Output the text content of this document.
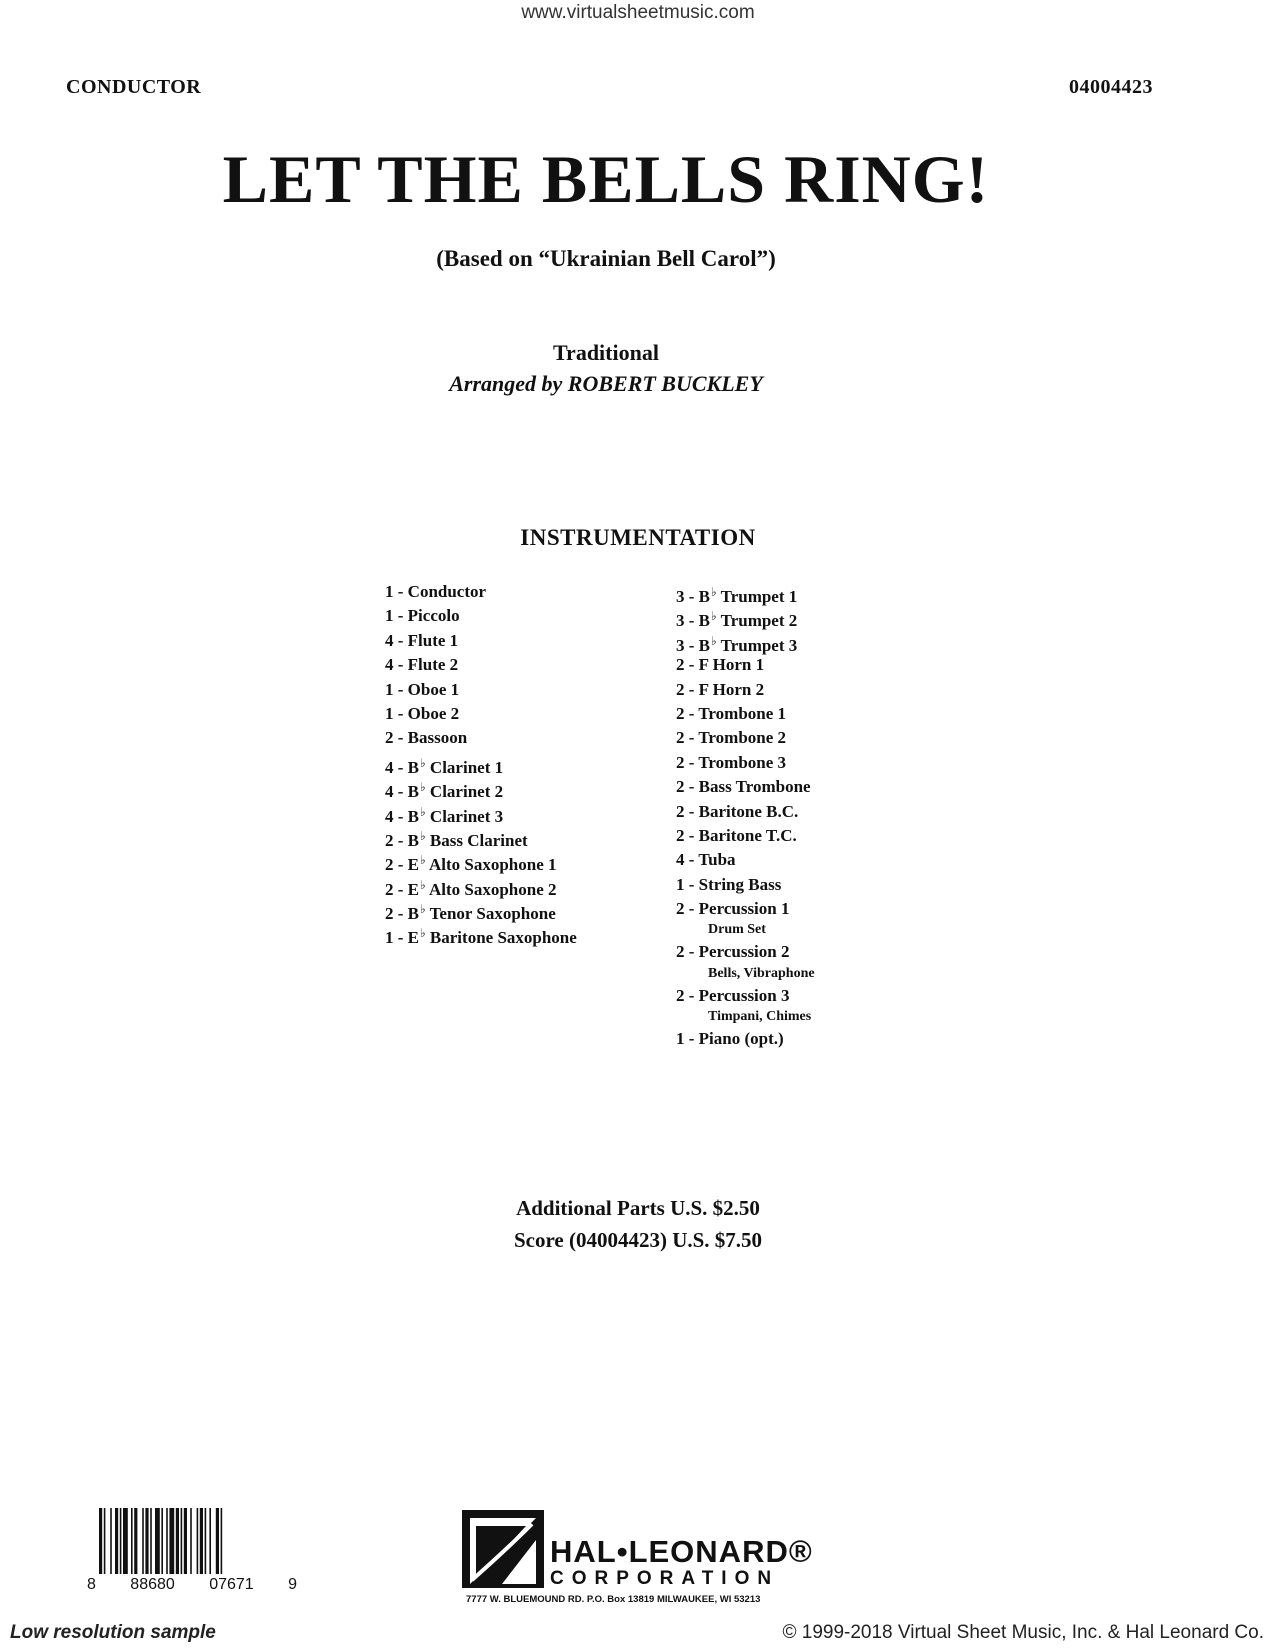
www.virtualsheetmusic.com
CONDUCTOR	04004423
LET THE BELLS RING!
(Based on “Ukrainian Bell Carol”)
Traditional
Arranged by ROBERT BUCKLEY
INSTRUMENTATION
1 - Conductor
1 - Piccolo
4 - Flute 1
4 - Flute 2
1 - Oboe 1
1 - Oboe 2
2 - Bassoon
4 - B♭ Clarinet 1
4 - B♭ Clarinet 2
4 - B♭ Clarinet 3
2 - B♭ Bass Clarinet
2 - E♭ Alto Saxophone 1
2 - E♭ Alto Saxophone 2
2 - B♭ Tenor Saxophone
1 - E♭ Baritone Saxophone
3 - B♭ Trumpet 1
3 - B♭ Trumpet 2
3 - B♭ Trumpet 3
2 - F Horn 1
2 - F Horn 2
2 - Trombone 1
2 - Trombone 2
2 - Trombone 3
2 - Bass Trombone
2 - Baritone B.C.
2 - Baritone T.C.
4 - Tuba
1 - String Bass
2 - Percussion 1
Drum Set
2 - Percussion 2
Bells, Vibraphone
2 - Percussion 3
Timpani, Chimes
1 - Piano (opt.)
Additional Parts U.S. $2.50
Score (04004423) U.S. $7.50
8 88680 07671 9
HAL•LEONARD®
CORPORATION
7777 W. BLUEMOUND RD. P.O. Box 13819 MILWAUKEE, WI 53213
Low resolution sample	© 1999-2018 Virtual Sheet Music, Inc. & Hal Leonard Co.
